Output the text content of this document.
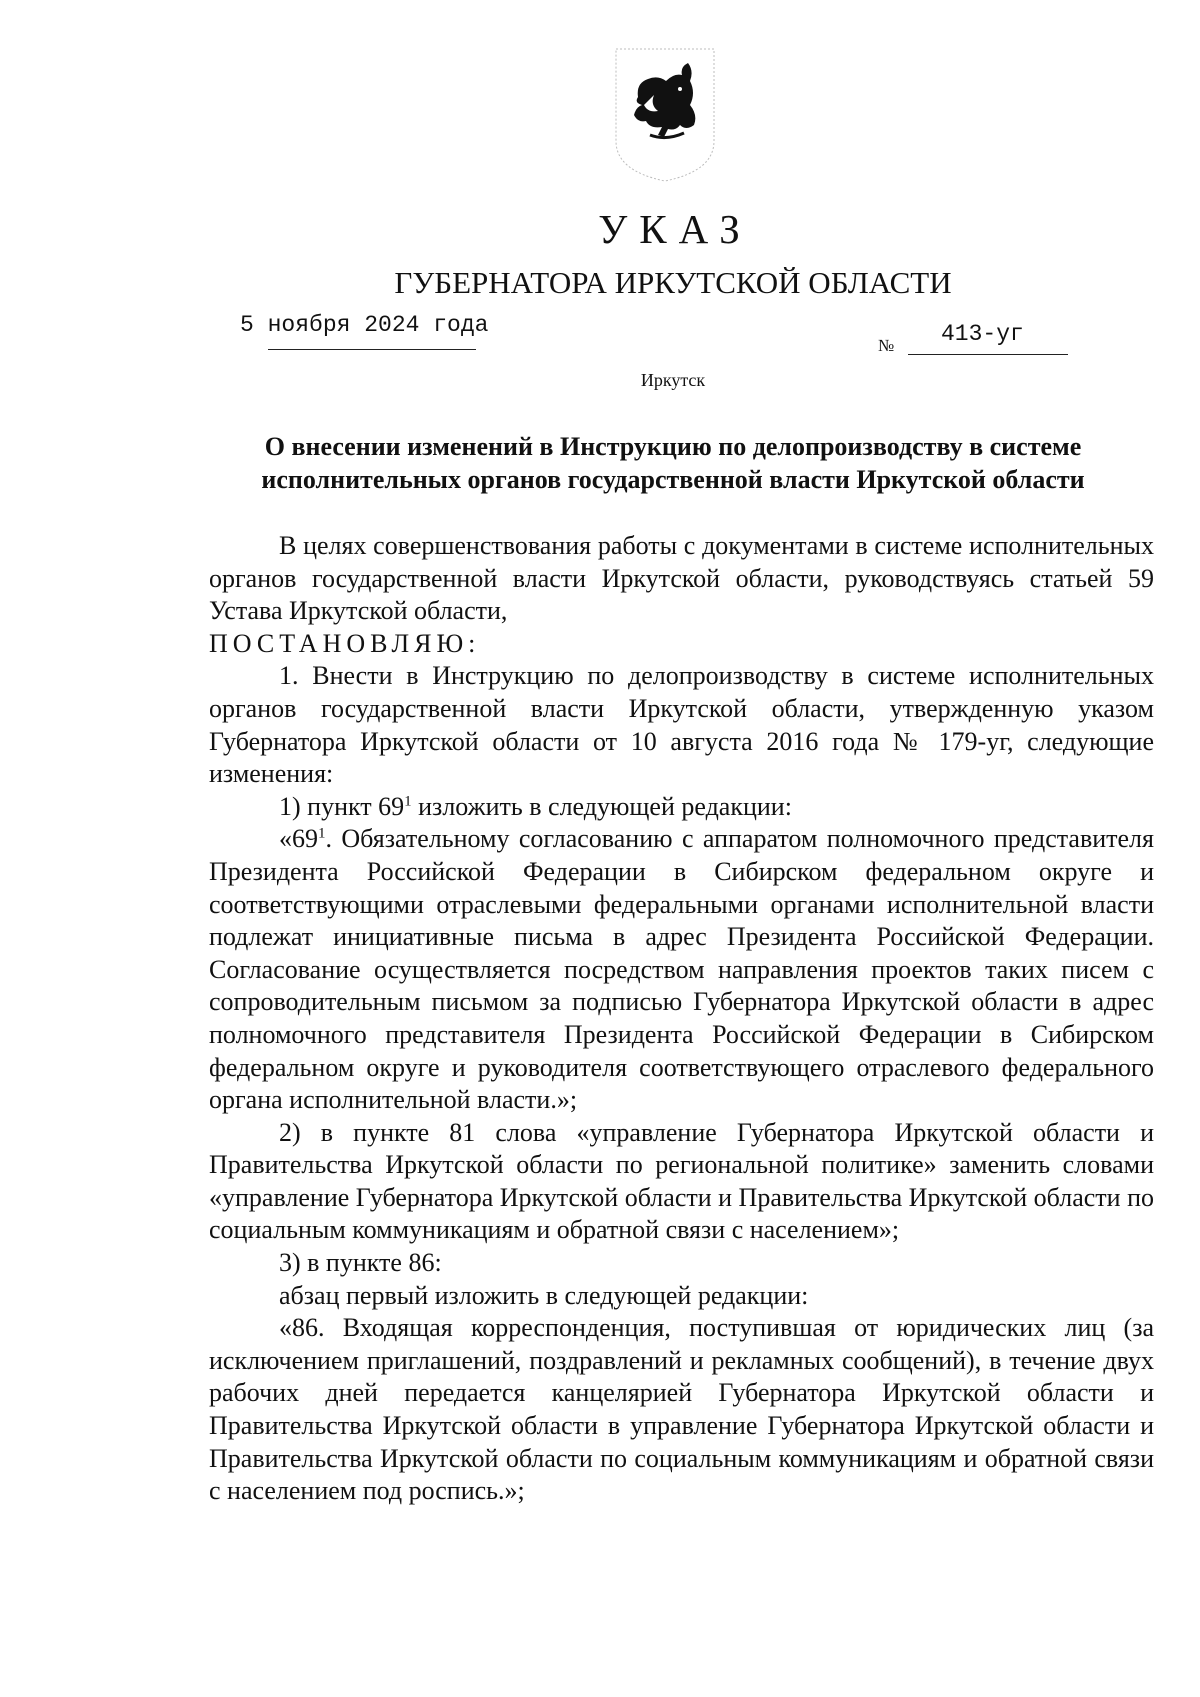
УКАЗ
ГУБЕРНАТОРА ИРКУТСКОЙ ОБЛАСТИ
5 ноября 2024 года
№ 413-уг
Иркутск
О внесении изменений в Инструкцию по делопроизводству в системе
исполнительных органов государственной власти Иркутской области

В целях совершенствования работы с документами в системе исполнительных органов государственной власти Иркутской области, руководствуясь статьей 59 Устава Иркутской области,

ПОСТАНОВЛЯЮ:

1. Внести в Инструкцию по делопроизводству в системе исполнительных органов государственной власти Иркутской области, утвержденную указом Губернатора Иркутской области от 10 августа 2016 года № 179-уг, следующие изменения:

1) пункт $69^1$ изложить в следующей редакции:

«$69^1$. Обязательному согласованию с аппаратом полномочного представителя Президента Российской Федерации в Сибирском федеральном округе и соответствующими отраслевыми федеральными органами исполнительной власти подлежат инициативные письма в адрес Президента Российской Федерации. Согласование осуществляется посредством направления проектов таких писем с сопроводительным письмом за подписью Губернатора Иркутской области в адрес полномочного представителя Президента Российской Федерации в Сибирском федеральном округе и руководителя соответствующего отраслевого федерального органа исполнительной власти.»;

2) в пункте 81 слова «управление Губернатора Иркутской области и Правительства Иркутской области по региональной политике» заменить словами «управление Губернатора Иркутской области и Правительства Иркутской области по социальным коммуникациям и обратной связи с населением»;

3) в пункте 86:

абзац первый изложить в следующей редакции:

«86. Входящая корреспонденция, поступившая от юридических лиц (за исключением приглашений, поздравлений и рекламных сообщений), в течение двух рабочих дней передается канцелярией Губернатора Иркутской области и Правительства Иркутской области в управление Губернатора Иркутской области и Правительства Иркутской области по социальным коммуникациям и обратной связи с населением под роспись.»;
